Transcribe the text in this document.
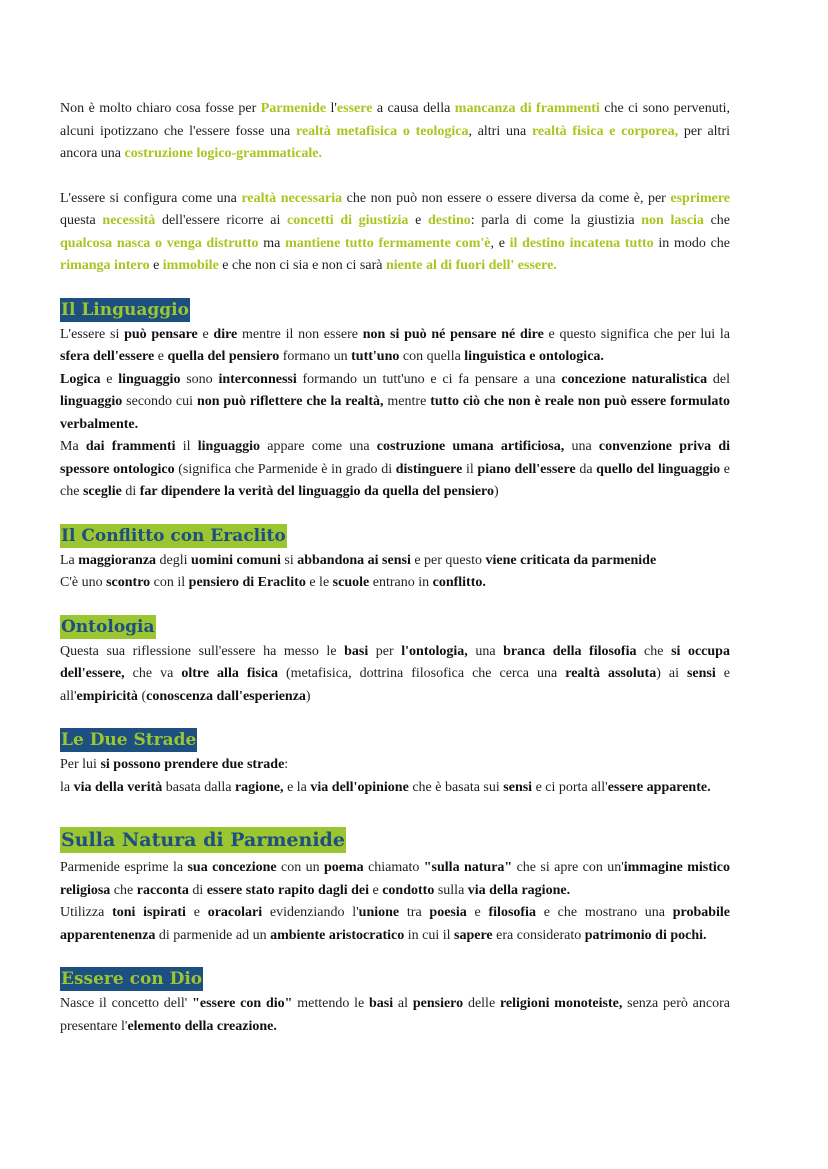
Non è molto chiaro cosa fosse per Parmenide l'essere a causa della mancanza di frammenti che ci sono pervenuti, alcuni ipotizzano che l'essere fosse una realtà metafisica o teologica, altri una realtà fisica e corporea, per altri ancora una costruzione logico-grammaticale.

L'essere si configura come una realtà necessaria che non può non essere o essere diversa da come è, per esprimere questa necessità dell'essere ricorre ai concetti di giustizia e destino: parla di come la giustizia non lascia che qualcosa nasca o venga distrutto ma mantiene tutto fermamente com'è, e il destino incatena tutto in modo che rimanga intero e immobile e che non ci sia e non ci sarà niente al di fuori dell' essere.

Il Linguaggio

L'essere si può pensare e dire mentre il non essere non si può né pensare né dire e questo significa che per lui la sfera dell'essere e quella del pensiero formano un tutt'uno con quella linguistica e ontologica.

Logica e linguaggio sono interconnessi formando un tutt'uno e ci fa pensare a una concezione naturalistica del linguaggio secondo cui non può riflettere che la realtà, mentre tutto ciò che non è reale non può essere formulato verbalmente.

Ma dai frammenti il linguaggio appare come una costruzione umana artificiosa, una convenzione priva di spessore ontologico (significa che Parmenide è in grado di distinguere il piano dell'essere da quello del linguaggio e che sceglie di far dipendere la verità del linguaggio da quella del pensiero)

Il Conflitto con Eraclito

La maggioranza degli uomini comuni si abbandona ai sensi e per questo viene criticata da parmenide

C'è uno scontro con il pensiero di Eraclito e le scuole entrano in conflitto.

Ontologia

Questa sua riflessione sull'essere ha messo le basi per l'ontologia, una branca della filosofia che si occupa dell'essere, che va oltre alla fisica (metafisica, dottrina filosofica che cerca una realtà assoluta) ai sensi e all'empiricità (conoscenza dall'esperienza)

Le Due Strade

Per lui si possono prendere due strade:

la via della verità basata dalla ragione, e la via dell'opinione che è basata sui sensi e ci porta all'essere apparente.

Sulla Natura di Parmenide

Parmenide esprime la sua concezione con un poema chiamato "sulla natura" che si apre con un'immagine mistico religiosa che racconta di essere stato rapito dagli dei e condotto sulla via della ragione.

Utilizza toni ispirati e oracolari evidenziando l'unione tra poesia e filosofia e che mostrano una probabile apparentenenza di parmenide ad un ambiente aristocratico in cui il sapere era considerato patrimonio di pochi.

Essere con Dio

Nasce il concetto dell' "essere con dio" mettendo le basi al pensiero delle religioni monoteiste, senza però ancora presentare l'elemento della creazione.
